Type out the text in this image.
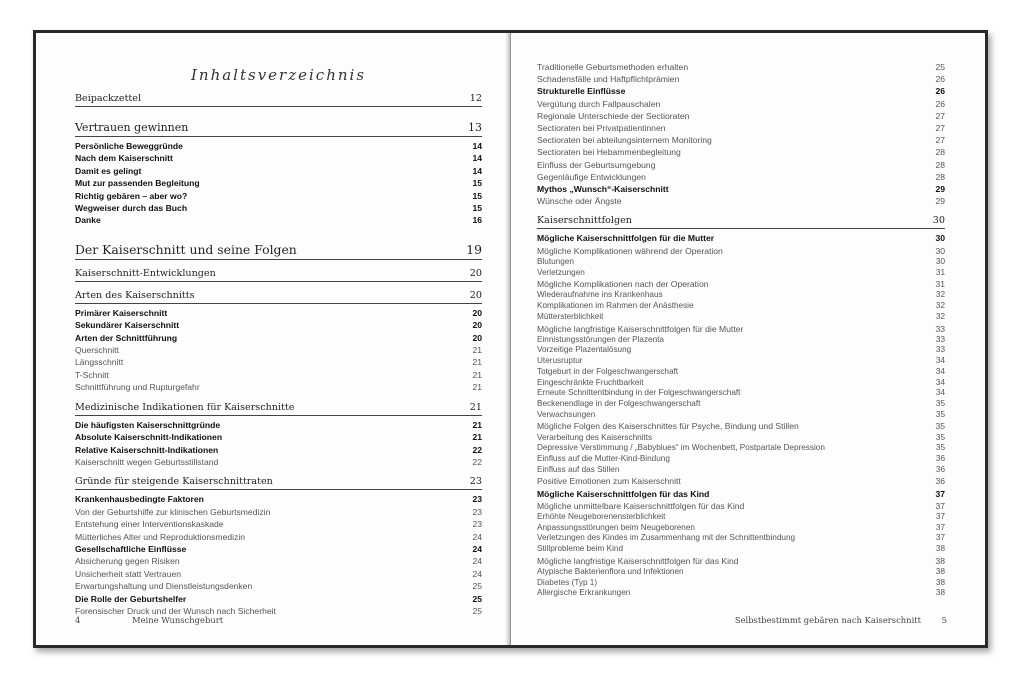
Inhaltsverzeichnis
Beipackzettel	12
Vertrauen gewinnen	13
Persönliche Beweggründe	14
Nach dem Kaiserschnitt	14
Damit es gelingt	14
Mut zur passenden Begleitung	15
Richtig gebären – aber wo?	15
Wegweiser durch das Buch	15
Danke	16
Der Kaiserschnitt und seine Folgen	19
Kaiserschnitt-Entwicklungen	20
Arten des Kaiserschnitts	20
Primärer Kaiserschnitt	20
Sekundärer Kaiserschnitt	20
Arten der Schnittführung	20
Querschnitt	21
Längsschnitt	21
T-Schnitt	21
Schnittführung und Rupturgefahr	21
Medizinische Indikationen für Kaiserschnitte	21
Die häufigsten Kaiserschnittgründe	21
Absolute Kaiserschnitt-Indikationen	21
Relative Kaiserschnitt-Indikationen	22
Kaiserschnitt wegen Geburtsstillstand	22
Gründe für steigende Kaiserschnittraten	23
Krankenhausbedingte Faktoren	23
Von der Geburtshilfe zur klinischen Geburtsmedizin	23
Entstehung einer Interventionskaskade	23
Mütterliches Alter und Reproduktionsmedizin	24
Gesellschaftliche Einflüsse	24
Absicherung gegen Risiken	24
Unsicherheit statt Vertrauen	24
Erwartungshaltung und Dienstleistungsdenken	25
Die Rolle der Geburtshelfer	25
Forensischer Druck und der Wunsch nach Sicherheit	25
4	Meine Wunschgeburt
Traditionelle Geburtsmethoden erhalten	25
Schadensfälle und Haftpflichtprämien	26
Strukturelle Einflüsse	26
Vergütung durch Fallpauschalen	26
Regionale Unterschiede der Sectioraten	27
Sectioraten bei Privatpatientinnen	27
Sectioraten bei abteilungsinternem Monitoring	27
Sectioraten bei Hebammenbegleitung	28
Einfluss der Geburtsumgebung	28
Gegenläufige Entwicklungen	28
Mythos „Wunsch“-Kaiserschnitt	29
Wünsche oder Ängste	29
Kaiserschnittfolgen	30
Mögliche Kaiserschnittfolgen für die Mutter	30
Mögliche Komplikationen während der Operation	30
Blutungen	30
Verletzungen	31
Mögliche Komplikationen nach der Operation	31
Wiederaufnahme ins Krankenhaus	32
Komplikationen im Rahmen der Anästhesie	32
Müttersterblichkeit	32
Mögliche langfristige Kaiserschnittfolgen für die Mutter	33
Einnistungsstörungen der Plazenta	33
Vorzeitige Plazentalösung	33
Uterusruptur	34
Totgeburt in der Folgeschwangerschaft	34
Eingeschränkte Fruchtbarkeit	34
Erneute Schnittentbindung in der Folgeschwangerschaft	34
Beckenendlage in der Folgeschwangerschaft	35
Verwachsungen	35
Mögliche Folgen des Kaiserschnittes für Psyche, Bindung und Stillen	35
Verarbeitung des Kaiserschnitts	35
Depressive Verstimmung / „Babyblues“ im Wochenbett, Postpartale Depression	35
Einfluss auf die Mutter-Kind-Bindung	36
Einfluss auf das Stillen	36
Positive Emotionen zum Kaiserschnitt	36
Mögliche Kaiserschnittfolgen für das Kind	37
Mögliche unmittelbare Kaiserschnittfolgen für das Kind	37
Erhöhte Neugeborenensterblichkeit	37
Anpassungsstörungen beim Neugeborenen	37
Verletzungen des Kindes im Zusammenhang mit der Schnittentbindung	37
Stillprobleme beim Kind	38
Mögliche langfristige Kaiserschnittfolgen für das Kind	38
Atypische Bakterienflora und Infektionen	38
Diabetes (Typ 1)	38
Allergische Erkrankungen	38
Selbstbestimmt gebären nach Kaiserschnitt 5
